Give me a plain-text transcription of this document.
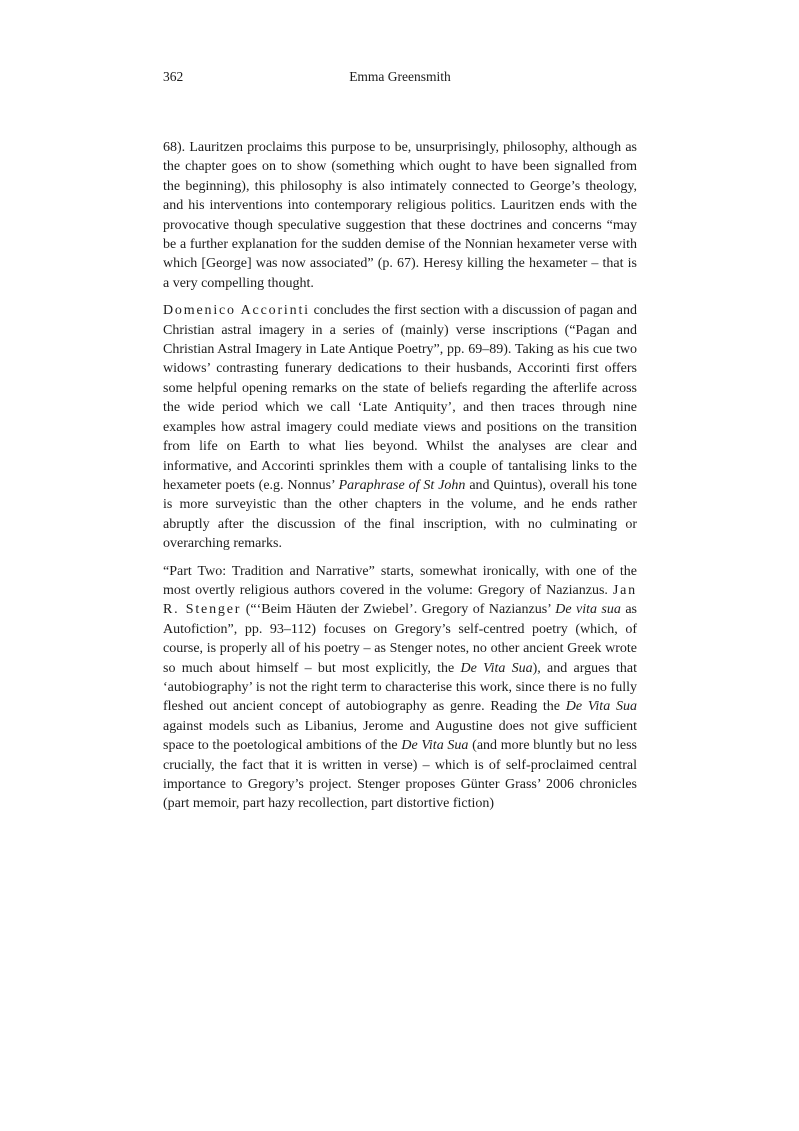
362	Emma Greensmith

68). Lauritzen proclaims this purpose to be, unsurprisingly, philosophy, although as the chapter goes on to show (something which ought to have been signalled from the beginning), this philosophy is also intimately connected to George’s theology, and his interventions into contemporary religious politics. Lauritzen ends with the provocative though speculative suggestion that these doctrines and concerns “may be a further explanation for the sudden demise of the Nonnian hexameter verse with which [George] was now associated” (p. 67). Heresy killing the hexameter – that is a very compelling thought.

Domenico Accorinti concludes the first section with a discussion of pagan and Christian astral imagery in a series of (mainly) verse inscriptions (“Pagan and Christian Astral Imagery in Late Antique Poetry”, pp. 69–89). Taking as his cue two widows’ contrasting funerary dedications to their husbands, Accorinti first offers some helpful opening remarks on the state of beliefs regarding the afterlife across the wide period which we call ‘Late Antiquity’, and then traces through nine examples how astral imagery could mediate views and positions on the transition from life on Earth to what lies beyond. Whilst the analyses are clear and informative, and Accorinti sprinkles them with a couple of tantalising links to the hexameter poets (e.g. Nonnus’ Paraphrase of St John and Quintus), overall his tone is more surveyistic than the other chapters in the volume, and he ends rather abruptly after the discussion of the final inscription, with no culminating or overarching remarks.

“Part Two: Tradition and Narrative” starts, somewhat ironically, with one of the most overtly religious authors covered in the volume: Gregory of Nazianzus. Jan R. Stenger (“‘Beim Häuten der Zwiebel’. Gregory of Nazianzus’ De vita sua as Autofiction”, pp. 93–112) focuses on Gregory’s self-centred poetry (which, of course, is properly all of his poetry – as Stenger notes, no other ancient Greek wrote so much about himself – but most explicitly, the De Vita Sua), and argues that ‘autobiography’ is not the right term to characterise this work, since there is no fully fleshed out ancient concept of autobiography as genre. Reading the De Vita Sua against models such as Libanius, Jerome and Augustine does not give sufficient space to the poetological ambitions of the De Vita Sua (and more bluntly but no less crucially, the fact that it is written in verse) – which is of self-proclaimed central importance to Gregory’s project. Stenger proposes Günter Grass’ 2006 chronicles (part memoir, part hazy recollection, part distortive fiction)
